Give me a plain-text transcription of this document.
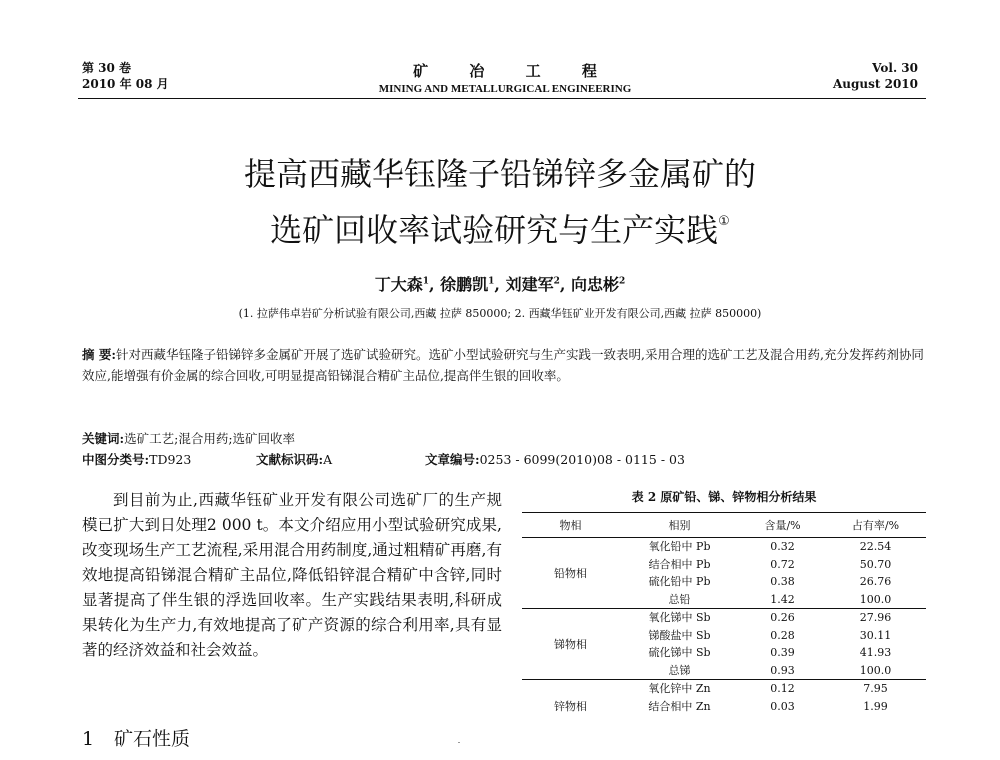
第 30 卷
2010 年 08 月
矿 冶 工 程
MINING AND METALLURGICAL ENGINEERING
Vol. 30
August 2010
提高西藏华钰隆子铅锑锌多金属矿的
选矿回收率试验研究与生产实践①
丁大森$^1$, 徐鹏凯$^1$, 刘建军$^2$, 向忠彬$^2$
(1. 拉萨伟卓岩矿分析试验有限公司,西藏 拉萨 850000; 2. 西藏华钰矿业开发有限公司,西藏 拉萨 850000)
摘 要:针对西藏华钰隆子铅锑锌多金属矿开展了选矿试验研究。选矿小型试验研究与生产实践一致表明,采用合理的选矿工艺及混合用药,充分发挥药剂协同效应,能增强有价金属的综合回收,可明显提高铅锑混合精矿主品位,提高伴生银的回收率。
关键词:选矿工艺;混合用药;选矿回收率
中图分类号:TD923	文献标识码:A	文章编号:0253 - 6099(2010)08 - 0115 - 03

到目前为止,西藏华钰矿业开发有限公司选矿厂的生产规模已扩大到日处理2 000 t。本文介绍应用小型试验研究成果,改变现场生产工艺流程,采用混合用药制度,通过粗精矿再磨,有效地提高铅锑混合精矿主品位,降低铅锌混合精矿中含锌,同时显著提高了伴生银的浮选回收率。生产实践结果表明,科研成果转化为生产力,有效地提高了矿产资源的综合利用率,具有显著的经济效益和社会效益。

1 矿石性质
表 2 原矿铅、锑、锌物相分析结果
物相	相别	含量/%	占有率/%
铅物相	氧化铅中 Pb	0.32	22.54
	结合相中 Pb	0.72	50.70
	硫化铅中 Pb	0.38	26.76
	总铅	1.42	100.0
锑物相	氧化锑中 Sb	0.26	27.96
	锑酸盐中 Sb	0.28	30.11
	硫化锑中 Sb	0.39	41.93
	总锑	0.93	100.0
锌物相	氧化锌中 Zn	0.12	7.95
	结合相中 Zn	0.03	1.99
